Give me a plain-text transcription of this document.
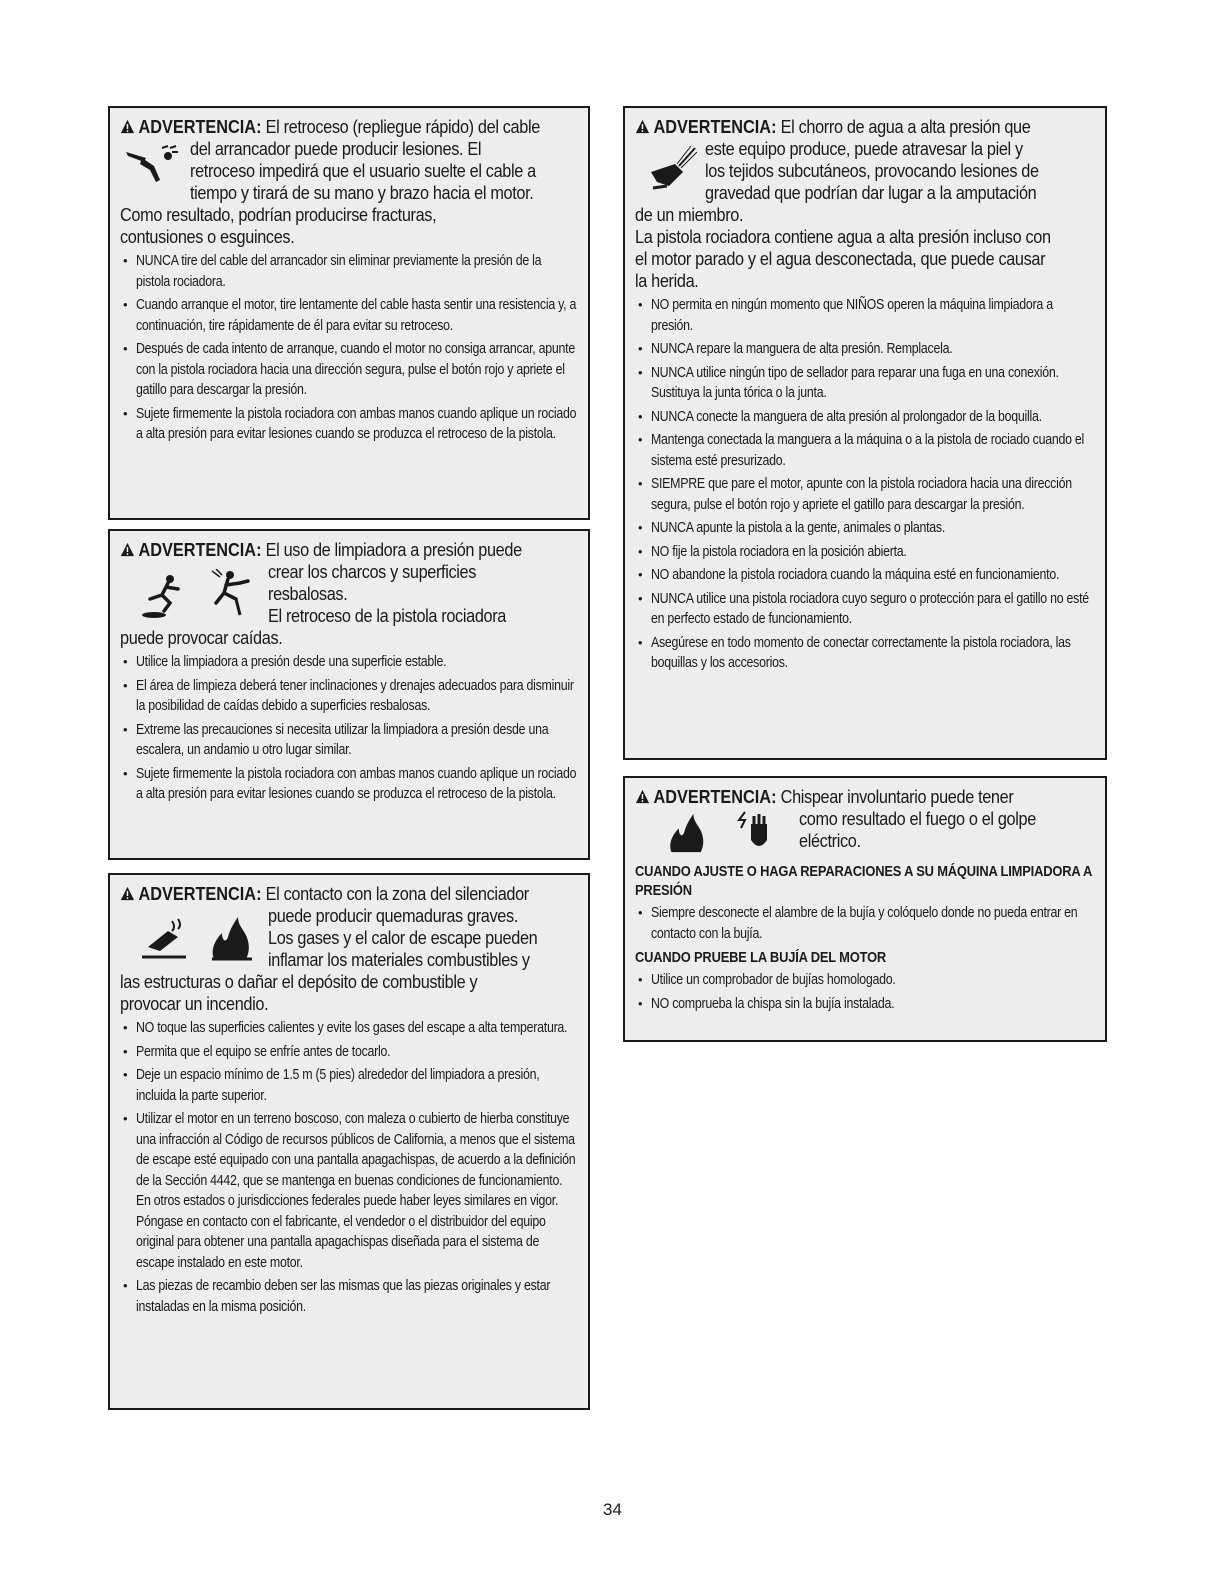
ADVERTENCIA: El retroceso (repliegue rápido) del cable
del arrancador puede producir lesiones. El
retroceso impedirá que el usuario suelte el cable a
tiempo y tirará de su mano y brazo hacia el motor.
Como resultado, podrían producirse fracturas,
contusiones o esguinces.
• NUNCA tire del cable del arrancador sin eliminar previamente la presión de la pistola rociadora.
• Cuando arranque el motor, tire lentamente del cable hasta sentir una resistencia y, a continuación, tire rápidamente de él para evitar su retroceso.
• Después de cada intento de arranque, cuando el motor no consiga arrancar, apunte con la pistola rociadora hacia una dirección segura, pulse el botón rojo y apriete el gatillo para descargar la presión.
• Sujete firmemente la pistola rociadora con ambas manos cuando aplique un rociado a alta presión para evitar lesiones cuando se produzca el retroceso de la pistola.
ADVERTENCIA: El uso de limpiadora a presión puede
crear los charcos y superficies
resbalosas.
El retroceso de la pistola rociadora
puede provocar caídas.
• Utilice la limpiadora a presión desde una superficie estable.
• El área de limpieza deberá tener inclinaciones y drenajes adecuados para disminuir la posibilidad de caídas debido a superficies resbalosas.
• Extreme las precauciones si necesita utilizar la limpiadora a presión desde una escalera, un andamio u otro lugar similar.
• Sujete firmemente la pistola rociadora con ambas manos cuando aplique un rociado a alta presión para evitar lesiones cuando se produzca el retroceso de la pistola.
ADVERTENCIA: El contacto con la zona del silenciador
puede producir quemaduras graves.
Los gases y el calor de escape pueden
inflamar los materiales combustibles y
las estructuras o dañar el depósito de combustible y
provocar un incendio.
• NO toque las superficies calientes y evite los gases del escape a alta temperatura.
• Permita que el equipo se enfríe antes de tocarlo.
• Deje un espacio mínimo de 1.5 m (5 pies) alrededor del limpiadora a presión, incluida la parte superior.
• Utilizar el motor en un terreno boscoso, con maleza o cubierto de hierba constituye una infracción al Código de recursos públicos de California, a menos que el sistema de escape esté equipado con una pantalla apagachispas, de acuerdo a la definición de la Sección 4442, que se mantenga en buenas condiciones de funcionamiento. En otros estados o jurisdicciones federales puede haber leyes similares en vigor. Póngase en contacto con el fabricante, el vendedor o el distribuidor del equipo original para obtener una pantalla apagachispas diseñada para el sistema de escape instalado en este motor.
• Las piezas de recambio deben ser las mismas que las piezas originales y estar instaladas en la misma posición.
ADVERTENCIA: El chorro de agua a alta presión que
este equipo produce, puede atravesar la piel y
los tejidos subcutáneos, provocando lesiones de
gravedad que podrían dar lugar a la amputación
de un miembro.
La pistola rociadora contiene agua a alta presión incluso con
el motor parado y el agua desconectada, que puede causar
la herida.
• NO permita en ningún momento que NIÑOS operen la máquina limpiadora a presión.
• NUNCA repare la manguera de alta presión. Remplacela.
• NUNCA utilice ningún tipo de sellador para reparar una fuga en una conexión. Sustituya la junta tórica o la junta.
• NUNCA conecte la manguera de alta presión al prolongador de la boquilla.
• Mantenga conectada la manguera a la máquina o a la pistola de rociado cuando el sistema esté presurizado.
• SIEMPRE que pare el motor, apunte con la pistola rociadora hacia una dirección segura, pulse el botón rojo y apriete el gatillo para descargar la presión.
• NUNCA apunte la pistola a la gente, animales o plantas.
• NO fije la pistola rociadora en la posición abierta.
• NO abandone la pistola rociadora cuando la máquina esté en funcionamiento.
• NUNCA utilice una pistola rociadora cuyo seguro o protección para el gatillo no esté en perfecto estado de funcionamiento.
• Asegúrese en todo momento de conectar correctamente la pistola rociadora, las boquillas y los accesorios.
ADVERTENCIA: Chispear involuntario puede tener
como resultado el fuego o el golpe
eléctrico.
CUANDO AJUSTE O HAGA REPARACIONES A SU MÁQUINA LIMPIADORA A PRESIÓN
• Siempre desconecte el alambre de la bujía y colóquelo donde no pueda entrar en contacto con la bujía.
CUANDO PRUEBE LA BUJÍA DEL MOTOR
• Utilice un comprobador de bujías homologado.
• NO comprueba la chispa sin la bujía instalada.
34
